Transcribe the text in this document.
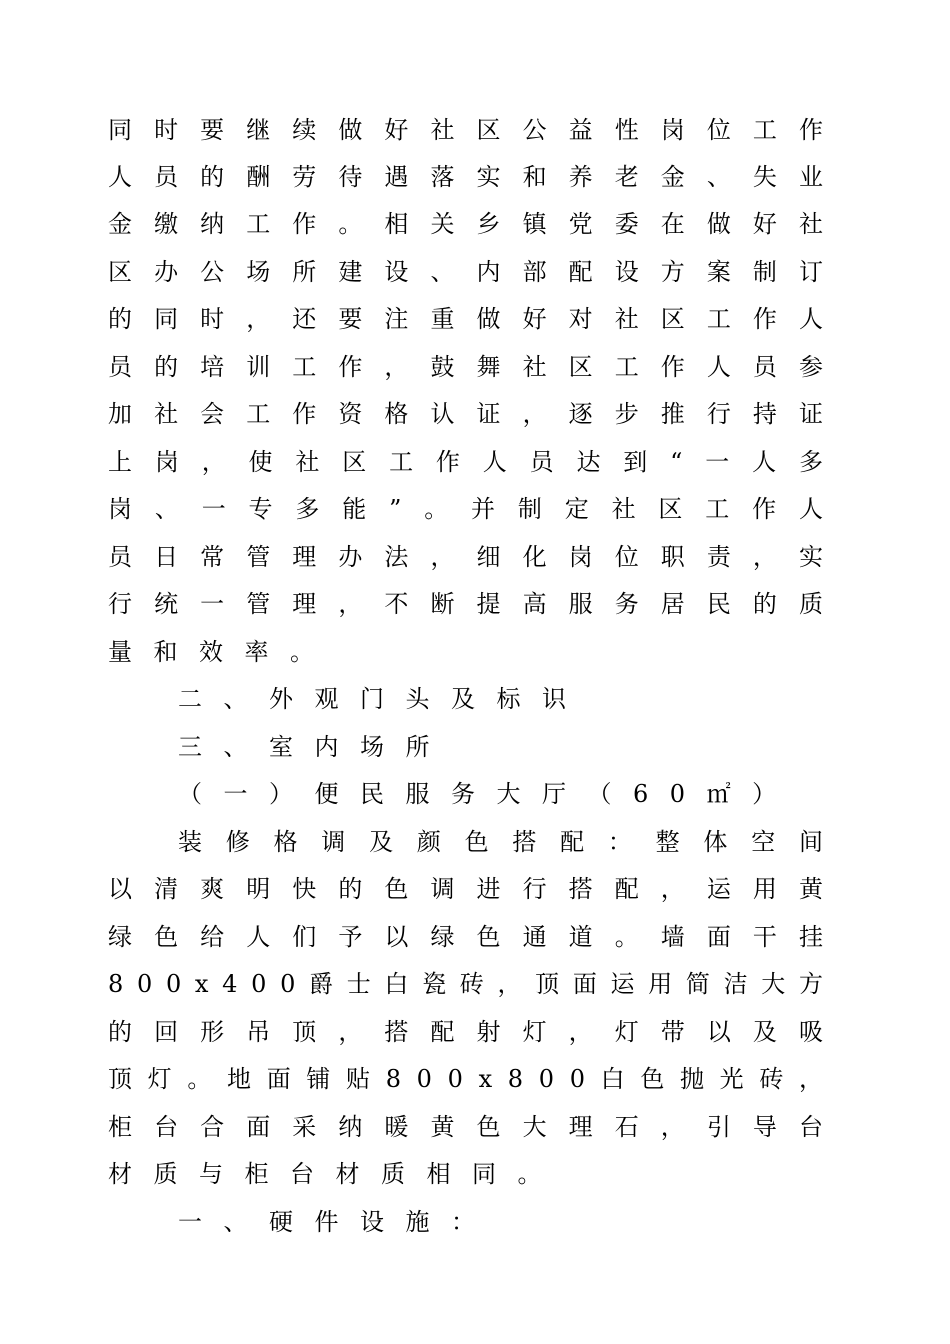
同 时 要 继 续 做 好 社 区 公 益 性 岗 位 工 作
人 员 的 酬 劳 待 遇 落 实 和 养 老 金 、 失 业
金 缴 纳 工 作 。 相 关 乡 镇 党 委 在 做 好 社
区 办 公 场 所 建 设 、 内 部 配 设 方 案 制 订
的 同 时 ， 还 要 注 重 做 好 对 社 区 工 作 人
员 的 培 训 工 作 ， 鼓 舞 社 区 工 作 人 员 参
加 社 会 工 作 资 格 认 证 ， 逐 步 推 行 持 证
上 岗 ， 使 社 区 工 作 人 员 达 到 “ 一 人 多
岗 、 一 专 多 能 ” 。 并 制 定 社 区 工 作 人
员 日 常 管 理 办 法 ， 细 化 岗 位 职 责 ， 实
行 统 一 管 理 ， 不 断 提 高 服 务 居 民 的 质
量 和 效 率 。
二 、 外 观 门 头 及 标 识
三 、 室 内 场 所
（ 一 ） 便 民 服 务 大 厅 （ 6 0 ㎡ ）
装 修 格 调 及 颜 色 搭 配 ： 整 体 空 间
以 清 爽 明 快 的 色 调 进 行 搭 配 ， 运 用 黄
绿 色 给 人 们 予 以 绿 色 通 道 。 墙 面 干 挂
8 0 0 x 4 0 0 爵 士 白 瓷 砖 ， 顶 面 运 用 简 洁 大 方
的 回 形 吊 顶 ， 搭 配 射 灯 ， 灯 带 以 及 吸
顶 灯 。 地 面 铺 贴 8 0 0 x 8 0 0 白 色 抛 光 砖 ，
柜 台 合 面 采 纳 暖 黄 色 大 理 石 ， 引 导 台
材 质 与 柜 台 材 质 相 同 。
一 、 硬 件 设 施 ：
